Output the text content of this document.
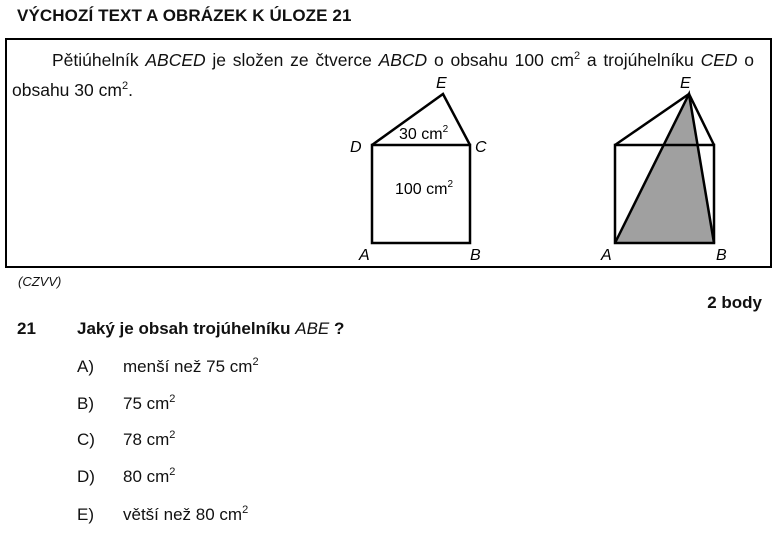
VÝCHOZÍ TEXT A OBRÁZEK K ÚLOZE 21
Pětiúhelník ABCED je složen ze čtverce ABCD o obsahu 100 $cm^2$ a trojúhelníku CED o obsahu 30 $cm^2$.
30 $cm^2$
100 $cm^2$
A	B
C
D
E
A	B
E
(CZVV)
2 body
21 Jaký je obsah trojúhelníku ABE ?
A) menší než 75 $cm^2$
B) 75 $cm^2$
C) 78 $cm^2$
D) 80 $cm^2$
E) větší než 80 $cm^2$
